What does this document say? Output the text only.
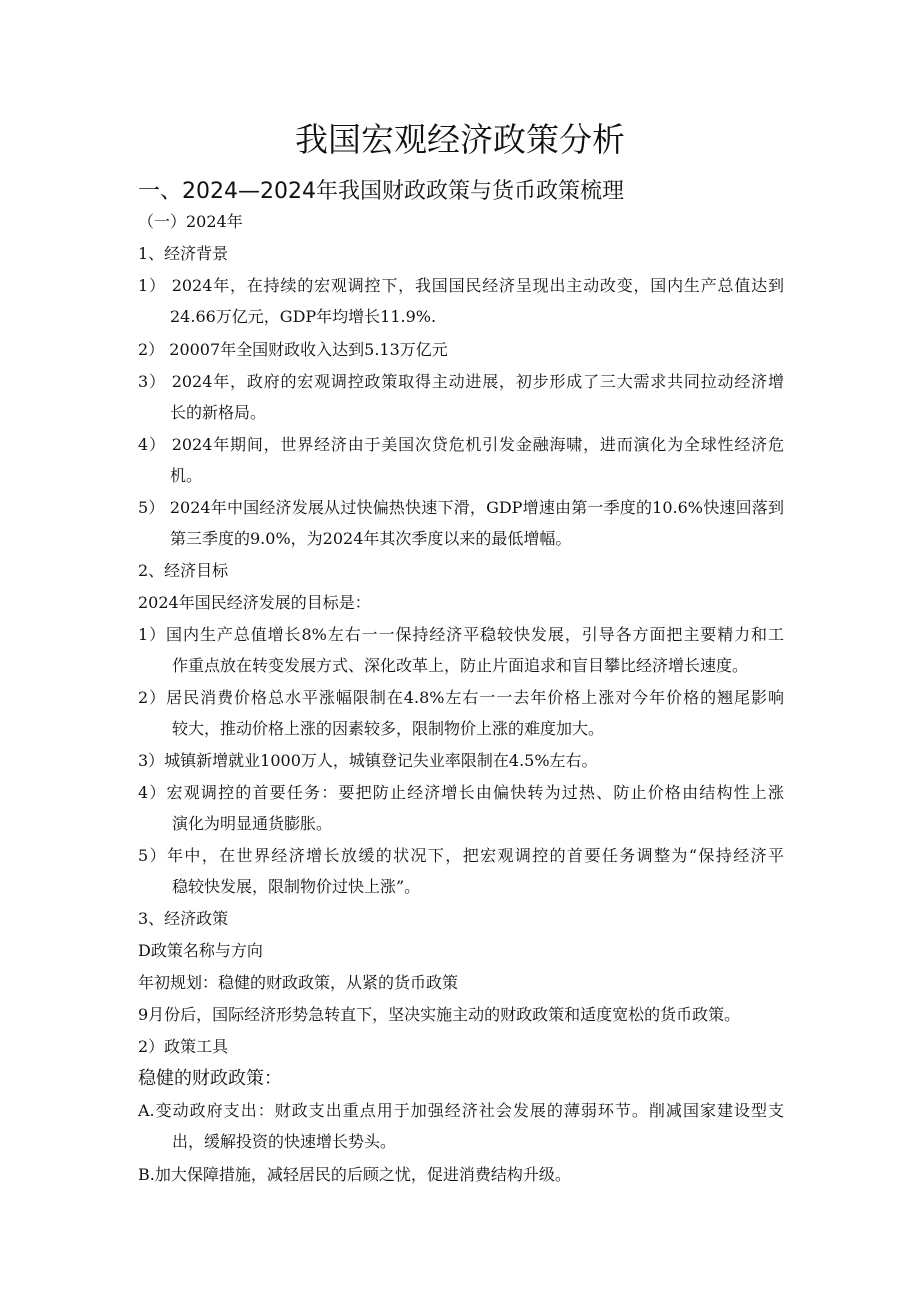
我国宏观经济政策分析
一、2024—2024年我国财政政策与货币政策梳理

（一）2024年

1、经济背景

1） 2024年，在持续的宏观调控下，我国国民经济呈现出主动改变，国内生产总值达到

24.66万亿元，GDP年均增长11.9%.

2） 20007年全国财政收入达到5.13万亿元

3） 2024年，政府的宏观调控政策取得主动进展，初步形成了三大需求共同拉动经济增

长的新格局。

4） 2024年期间，世界经济由于美国次贷危机引发金融海啸，进而演化为全球性经济危

机。

5） 2024年中国经济发展从过快偏热快速下滑，GDP增速由第一季度的10.6%快速回落到

第三季度的9.0%，为2024年其次季度以来的最低增幅。

2、经济目标

2024年国民经济发展的目标是：

1）国内生产总值增长8%左右一一保持经济平稳较快发展，引导各方面把主要精力和工

作重点放在转变发展方式、深化改革上，防止片面追求和盲目攀比经济增长速度。

2）居民消费价格总水平涨幅限制在4.8%左右一一去年价格上涨对今年价格的翘尾影响

较大，推动价格上涨的因素较多，限制物价上涨的难度加大。

3）城镇新增就业1000万人，城镇登记失业率限制在4.5%左右。

4）宏观调控的首要任务：要把防止经济增长由偏快转为过热、防止价格由结构性上涨

演化为明显通货膨胀。

5）年中，在世界经济增长放缓的状况下，把宏观调控的首要任务调整为“保持经济平

稳较快发展，限制物价过快上涨”。

3、经济政策

D政策名称与方向

年初规划：稳健的财政政策，从紧的货币政策

9月份后，国际经济形势急转直下，坚决实施主动的财政政策和适度宽松的货币政策。

2）政策工具

稳健的财政政策：

A.变动政府支出：财政支出重点用于加强经济社会发展的薄弱环节。削减国家建设型支

出，缓解投资的快速增长势头。

B.加大保障措施，减轻居民的后顾之忧，促进消费结构升级。
